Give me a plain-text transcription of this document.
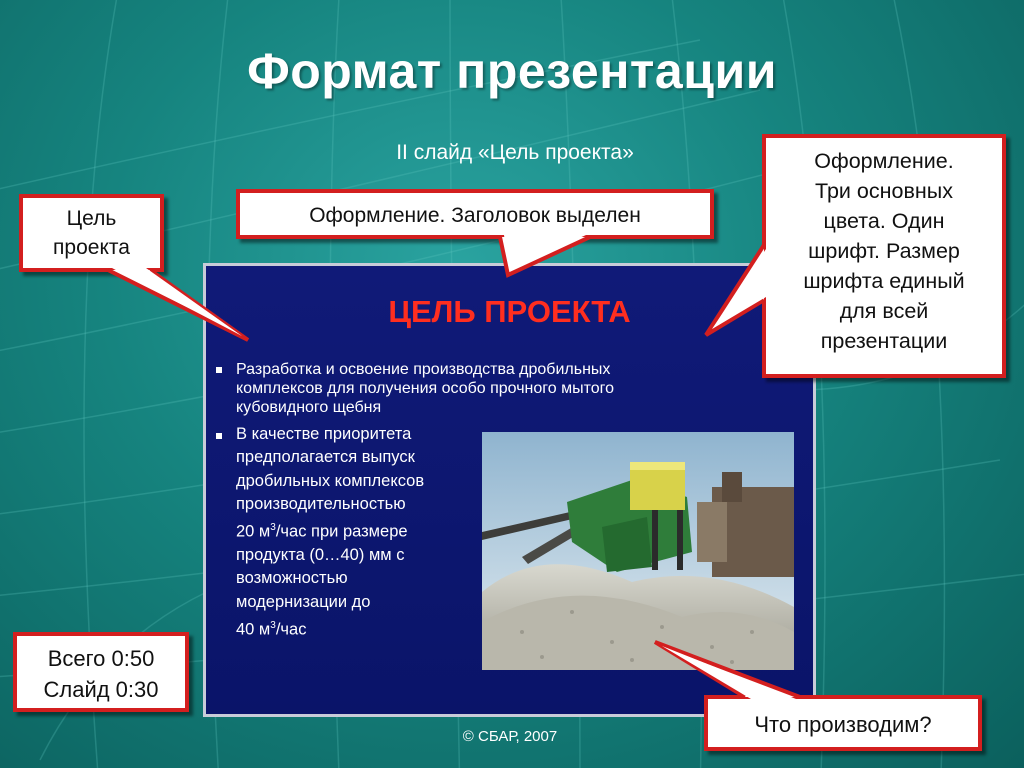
Формат презентации
II слайд «Цель проекта»
ЦЕЛЬ ПРОЕКТА
Разработка и освоение производства дробильных
комплексов для получения особо прочного мытого
кубовидного щебня
В качестве приоритета
предполагается выпуск
дробильных комплексов
производительностью
20 $м^3$/час при размере
продукта (0…40) мм с
возможностью
модернизации до
40 $м^3$/час
Цель
проекта
Оформление. Заголовок выделен
Оформление.
Три основных
цвета. Один
шрифт. Размер
шрифта единый
для всей
презентации
Всего 0:50
Слайд 0:30
Что производим?
© СБАР, 2007
